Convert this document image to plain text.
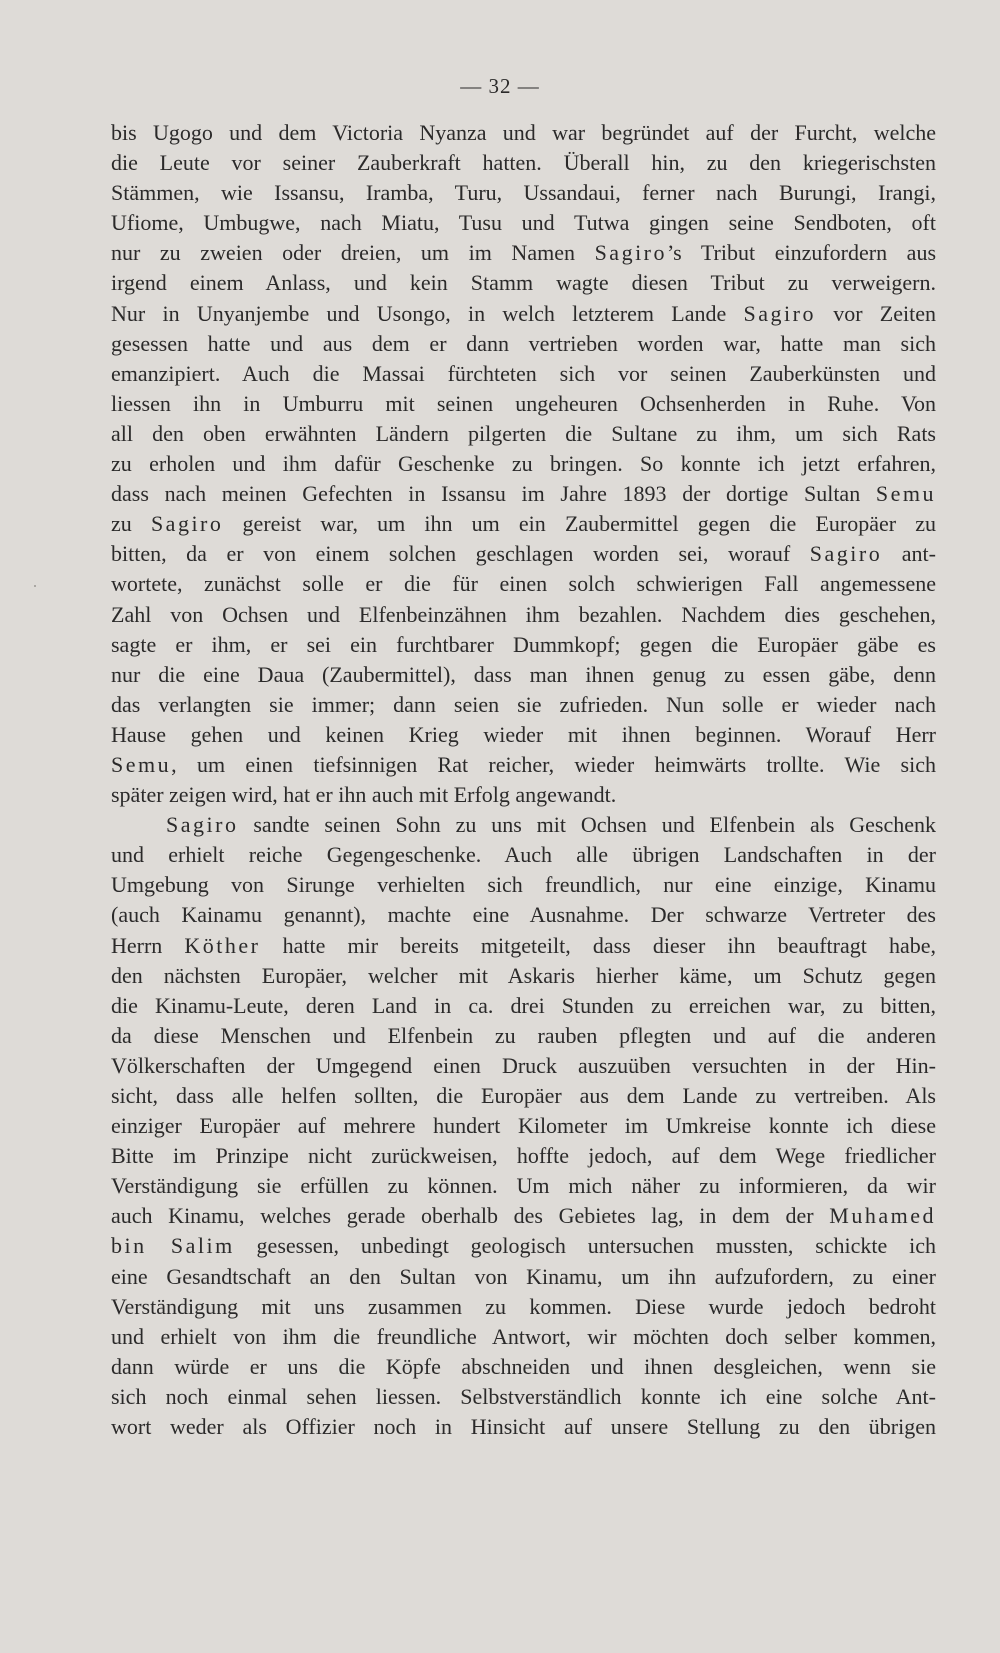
— 32 —
bis Ugogo und dem Victoria Nyanza und war begründet auf der Furcht, welche
die Leute vor seiner Zauberkraft hatten. Überall hin, zu den kriegerischsten
Stämmen, wie Issansu, Iramba, Turu, Ussandaui, ferner nach Burungi, Irangi,
Ufiome, Umbugwe, nach Miatu, Tusu und Tutwa gingen seine Sendboten, oft
nur zu zweien oder dreien, um im Namen Sagiro’s Tribut einzufordern aus
irgend einem Anlass, und kein Stamm wagte diesen Tribut zu verweigern.
Nur in Unyanjembe und Usongo, in welch letzterem Lande Sagiro vor Zeiten
gesessen hatte und aus dem er dann vertrieben worden war, hatte man sich
emanzipiert. Auch die Massai fürchteten sich vor seinen Zauberkünsten und
liessen ihn in Umburru mit seinen ungeheuren Ochsenherden in Ruhe. Von
all den oben erwähnten Ländern pilgerten die Sultane zu ihm, um sich Rats
zu erholen und ihm dafür Geschenke zu bringen. So konnte ich jetzt erfahren,
dass nach meinen Gefechten in Issansu im Jahre 1893 der dortige Sultan Semu
zu Sagiro gereist war, um ihn um ein Zaubermittel gegen die Europäer zu
bitten, da er von einem solchen geschlagen worden sei, worauf Sagiro ant-
wortete, zunächst solle er die für einen solch schwierigen Fall angemessene
Zahl von Ochsen und Elfenbeinzähnen ihm bezahlen. Nachdem dies geschehen,
sagte er ihm, er sei ein furchtbarer Dummkopf; gegen die Europäer gäbe es
nur die eine Daua (Zaubermittel), dass man ihnen genug zu essen gäbe, denn
das verlangten sie immer; dann seien sie zufrieden. Nun solle er wieder nach
Hause gehen und keinen Krieg wieder mit ihnen beginnen. Worauf Herr
Semu, um einen tiefsinnigen Rat reicher, wieder heimwärts trollte. Wie sich
später zeigen wird, hat er ihn auch mit Erfolg angewandt.
Sagiro sandte seinen Sohn zu uns mit Ochsen und Elfenbein als Geschenk
und erhielt reiche Gegengeschenke. Auch alle übrigen Landschaften in der
Umgebung von Sirunge verhielten sich freundlich, nur eine einzige, Kinamu
(auch Kainamu genannt), machte eine Ausnahme. Der schwarze Vertreter des
Herrn Köther hatte mir bereits mitgeteilt, dass dieser ihn beauftragt habe,
den nächsten Europäer, welcher mit Askaris hierher käme, um Schutz gegen
die Kinamu-Leute, deren Land in ca. drei Stunden zu erreichen war, zu bitten,
da diese Menschen und Elfenbein zu rauben pflegten und auf die anderen
Völkerschaften der Umgegend einen Druck auszuüben versuchten in der Hin-
sicht, dass alle helfen sollten, die Europäer aus dem Lande zu vertreiben. Als
einziger Europäer auf mehrere hundert Kilometer im Umkreise konnte ich diese
Bitte im Prinzipe nicht zurückweisen, hoffte jedoch, auf dem Wege friedlicher
Verständigung sie erfüllen zu können. Um mich näher zu informieren, da wir
auch Kinamu, welches gerade oberhalb des Gebietes lag, in dem der Muhamed
bin Salim gesessen, unbedingt geologisch untersuchen mussten, schickte ich
eine Gesandtschaft an den Sultan von Kinamu, um ihn aufzufordern, zu einer
Verständigung mit uns zusammen zu kommen. Diese wurde jedoch bedroht
und erhielt von ihm die freundliche Antwort, wir möchten doch selber kommen,
dann würde er uns die Köpfe abschneiden und ihnen desgleichen, wenn sie
sich noch einmal sehen liessen. Selbstverständlich konnte ich eine solche Ant-
wort weder als Offizier noch in Hinsicht auf unsere Stellung zu den übrigen
